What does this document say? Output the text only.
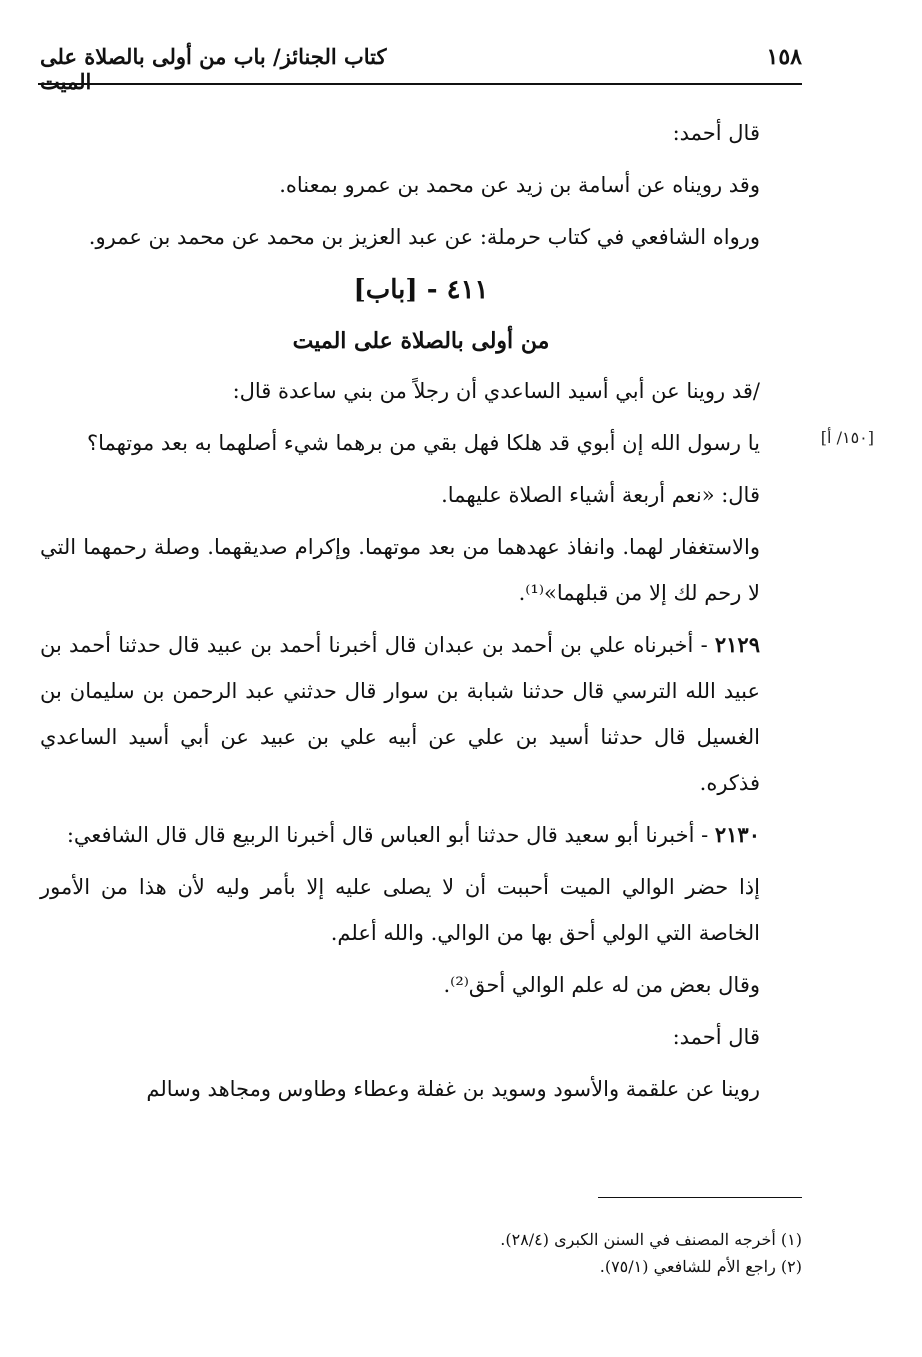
كتاب الجنائز/ باب من أولى بالصلاة على الميت
١٥٨
[١٥٠/ أ]

قال أحمد:

وقد رويناه عن أسامة بن زيد عن محمد بن عمرو بمعناه.

ورواه الشافعي في كتاب حرملة: عن عبد العزيز بن محمد عن محمد بن عمرو.

٤١١ - [باب]

من أولى بالصلاة على الميت

/قد روينا عن أبي أسيد الساعدي أن رجلاً من بني ساعدة قال:

يا رسول الله إن أبوي قد هلكا فهل بقي من برهما شيء أصلهما به بعد موتهما؟

قال: «نعم أربعة أشياء الصلاة عليهما.

والاستغفار لهما. وانفاذ عهدهما من بعد موتهما. وإكرام صديقهما. وصلة رحمهما التي لا رحم لك إلا من قبلهما»⁽¹⁾.

٢١٢٩ - أخبرناه علي بن أحمد بن عبدان قال أخبرنا أحمد بن عبيد قال حدثنا أحمد بن عبيد الله الترسي قال حدثنا شبابة بن سوار قال حدثني عبد الرحمن بن سليمان بن الغسيل قال حدثنا أسيد بن علي عن أبيه علي بن عبيد عن أبي أسيد الساعدي فذكره.

٢١٣٠ - أخبرنا أبو سعيد قال حدثنا أبو العباس قال أخبرنا الربيع قال قال الشافعي:

إذا حضر الوالي الميت أحببت أن لا يصلى عليه إلا بأمر وليه لأن هذا من الأمور الخاصة التي الولي أحق بها من الوالي. والله أعلم.

وقال بعض من له علم الوالي أحق⁽²⁾.

قال أحمد:

روينا عن علقمة والأسود وسويد بن غفلة وعطاء وطاوس ومجاهد وسالم

(١) أخرجه المصنف في السنن الكبرى (٢٨/٤).

(٢) راجع الأم للشافعي (٧٥/١).
